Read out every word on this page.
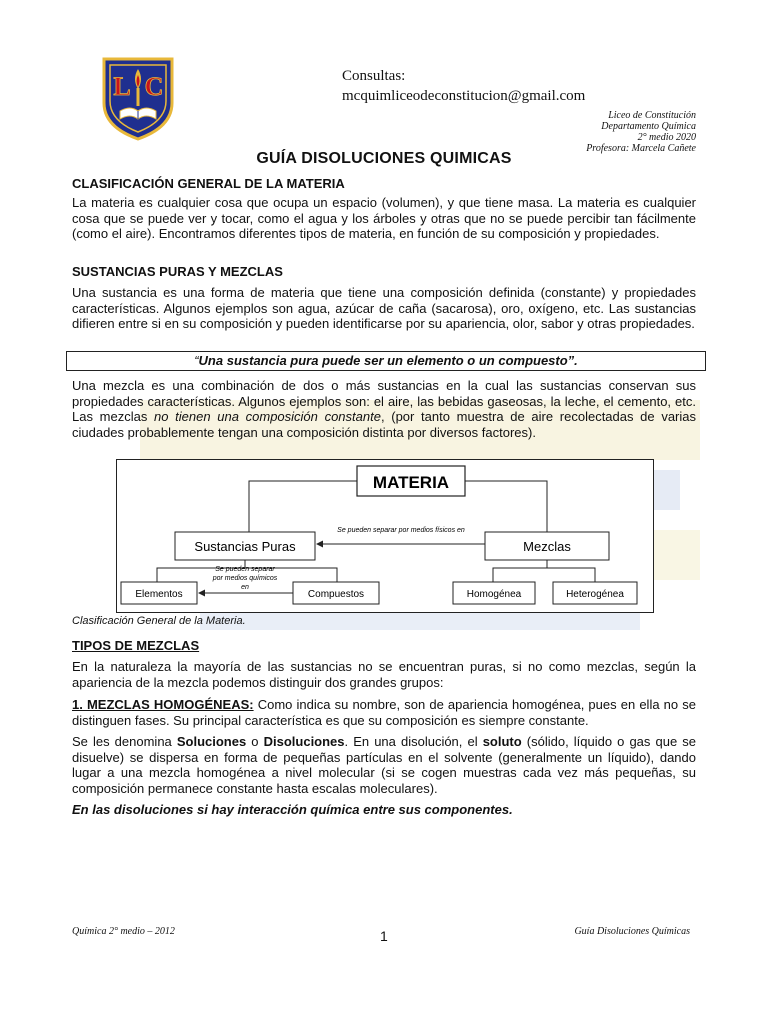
L C	Consultas:
mcquimliceodeconstitucion@gmail.com
Liceo de Constitución
Departamento Química
2° medio 2020
Profesora: Marcela Cañete
GUÍA DISOLUCIONES QUIMICAS
CLASIFICACIÓN GENERAL DE LA MATERIA
La materia es cualquier cosa que ocupa un espacio (volumen), y que tiene masa. La materia es cualquier cosa que se puede ver y tocar, como el agua y los árboles y otras que no se puede percibir tan fácilmente (como el aire). Encontramos diferentes tipos de materia, en función de su composición y propiedades.
SUSTANCIAS PURAS Y MEZCLAS
Una sustancia es una forma de materia que tiene una composición definida (constante) y propiedades características. Algunos ejemplos son agua, azúcar de caña (sacarosa), oro, oxígeno, etc. Las sustancias difieren entre si en su composición y pueden identificarse por su apariencia, olor, sabor y otras propiedades.
“Una sustancia pura puede ser un elemento o un compuesto”.
Una mezcla es una combinación de dos o más sustancias en la cual las sustancias conservan sus propiedades características. Algunos ejemplos son: el aire, las bebidas gaseosas, la leche, el cemento, etc. Las mezclas no tienen una composición constante, (por tanto muestra de aire recolectadas de varias ciudades probablemente tengan una composición distinta por diversos factores).
MATERIA
Sustancias Puras	Mezclas
Se pueden separar por medios físicos en
Elementos	Compuestos	Homogénea	Heterogénea
Se pueden separar
por medios químicos
en
Clasificación General de la Materia.
TIPOS DE MEZCLAS
En la naturaleza la mayoría de las sustancias no se encuentran puras, si no como mezclas, según la apariencia de la mezcla podemos distinguir dos grandes grupos:
1. MEZCLAS HOMOGÉNEAS: Como indica su nombre, son de apariencia homogénea, pues en ella no se distinguen fases. Su principal característica es que su composición es siempre constante.
Se les denomina Soluciones o Disoluciones. En una disolución, el soluto (sólido, líquido o gas que se disuelve) se dispersa en forma de pequeñas partículas en el solvente (generalmente un líquido), dando lugar a una mezcla homogénea a nivel molecular (si se cogen muestras cada vez más pequeñas, su composición permanece constante hasta escalas moleculares).
En las disoluciones si hay interacción química entre sus componentes.
Química 2° medio – 2012	1	Guía Disoluciones Químicas
